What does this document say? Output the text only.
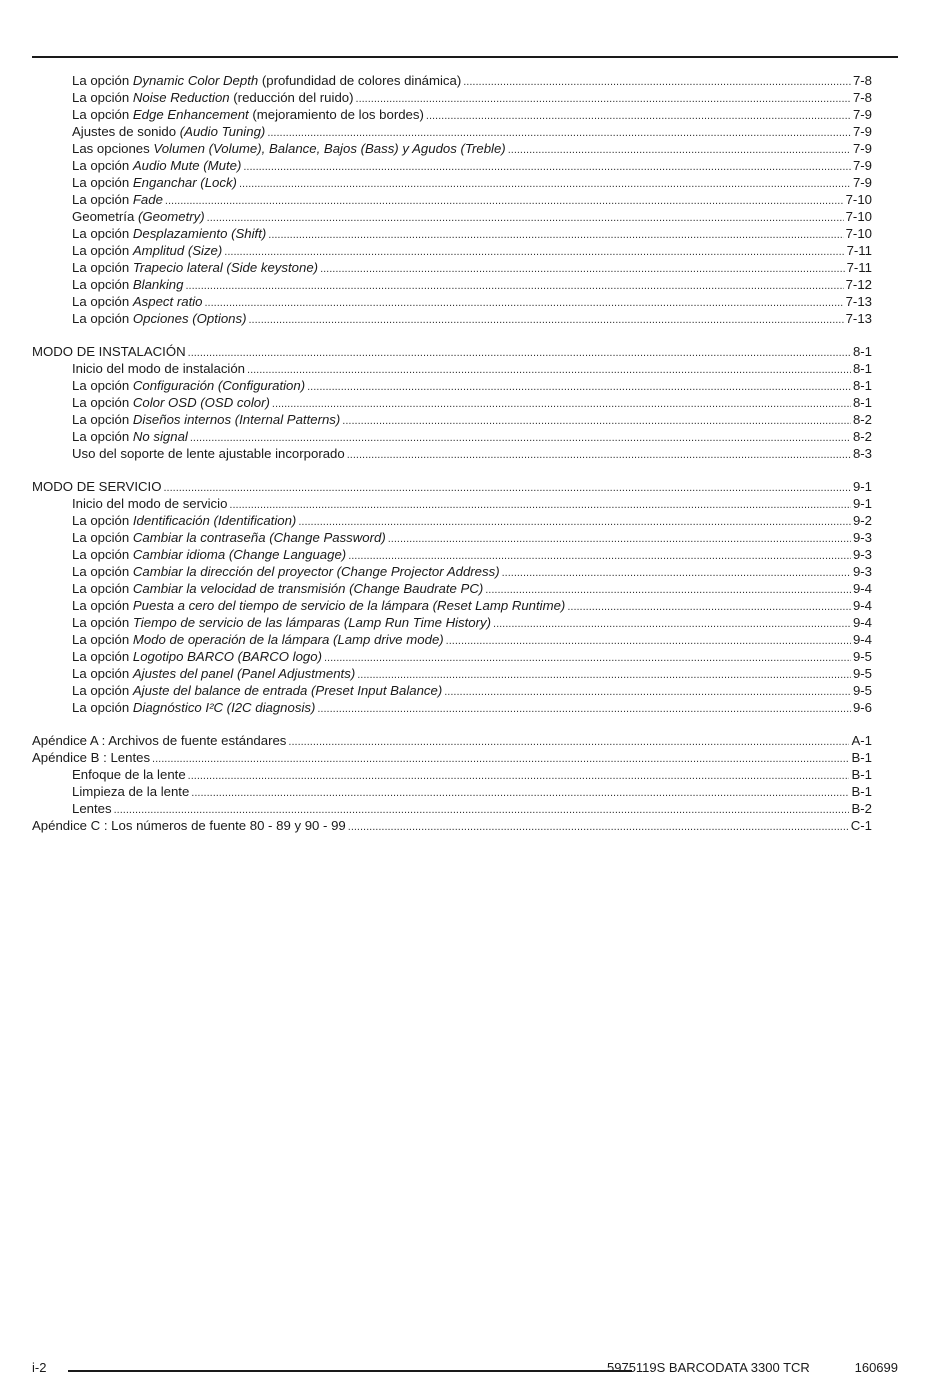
La opción Dynamic Color Depth (profundidad de colores dinámica) .....	7-8
La opción Noise Reduction (reducción del ruido) .....	7-8
La opción Edge Enhancement (mejoramiento de los bordes) .....	7-9
Ajustes de sonido (Audio Tuning) .....	7-9
Las opciones Volumen (Volume), Balance, Bajos (Bass) y Agudos (Treble) .....	7-9
La opción Audio Mute (Mute) .....	7-9
La opción Enganchar (Lock) .....	7-9
La opción Fade .....	7-10
Geometría (Geometry) .....	7-10
La opción Desplazamiento (Shift) .....	7-10
La opción Amplitud (Size) .....	7-11
La opción Trapecio lateral (Side keystone) .....	7-11
La opción Blanking .....	7-12
La opción Aspect ratio .....	7-13
La opción Opciones (Options) .....	7-13
MODO DE INSTALACIÓN .....	8-1
Inicio del modo de instalación .....	8-1
La opción Configuración (Configuration) .....	8-1
La opción Color OSD (OSD color) .....	8-1
La opción Diseños internos (Internal Patterns) .....	8-2
La opción No signal .....	8-2
Uso del soporte de lente ajustable incorporado .....	8-3
MODO DE SERVICIO .....	9-1
Inicio del modo de servicio .....	9-1
La opción Identificación (Identification) .....	9-2
La opción Cambiar la contraseña (Change Password) .....	9-3
La opción Cambiar idioma (Change Language) .....	9-3
La opción Cambiar la dirección del proyector (Change Projector Address) .....	9-3
La opción Cambiar la velocidad de transmisión (Change Baudrate PC) .....	9-4
La opción Puesta a cero del tiempo de servicio de la lámpara (Reset Lamp Runtime) .....	9-4
La opción Tiempo de servicio de las lámparas (Lamp Run Time History) .....	9-4
La opción Modo de operación de la lámpara (Lamp drive mode) .....	9-4
La opción Logotipo BARCO (BARCO logo) .....	9-5
La opción Ajustes del panel (Panel Adjustments) .....	9-5
La opción Ajuste del balance de entrada (Preset Input Balance) .....	9-5
La opción Diagnóstico I²C (I2C diagnosis) .....	9-6
Apéndice A : Archivos de fuente estándares .....	A-1
Apéndice B : Lentes .....	B-1
Enfoque de la lente .....	B-1
Limpieza de la lente .....	B-1
Lentes .....	B-2
Apéndice C : Los números de fuente 80 - 89 y 90 - 99 .....	C-1
i-2	5975119S BARCODATA 3300 TCR	160699
